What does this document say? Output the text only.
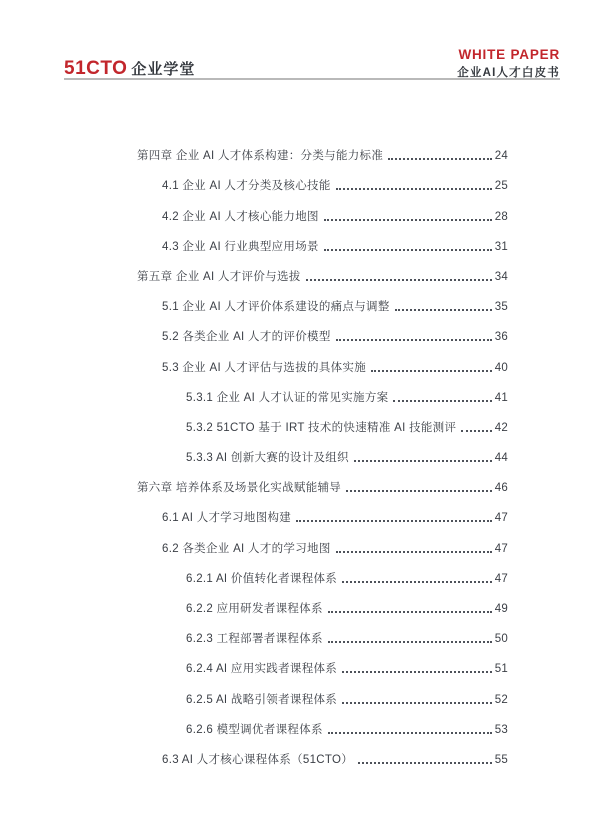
51CTO 企业学堂
WHITE PAPER
企业AI人才白皮书
第四章 企业 AI 人才体系构建：分类与能力标准	24
4.1 企业 AI 人才分类及核心技能	25
4.2 企业 AI 人才核心能力地图	28
4.3 企业 AI 行业典型应用场景	31
第五章 企业 AI 人才评价与选拔	34
5.1 企业 AI 人才评价体系建设的痛点与调整	35
5.2 各类企业 AI 人才的评价模型	36
5.3 企业 AI 人才评估与选拔的具体实施	40
5.3.1 企业 AI 人才认证的常见实施方案	41
5.3.2 51CTO 基于 IRT 技术的快速精准 AI 技能测评	42
5.3.3 AI 创新大赛的设计及组织	44
第六章 培养体系及场景化实战赋能辅导	46
6.1 AI 人才学习地图构建	47
6.2 各类企业 AI 人才的学习地图	47
6.2.1 AI 价值转化者课程体系	47
6.2.2 应用研发者课程体系	49
6.2.3 工程部署者课程体系	50
6.2.4 AI 应用实践者课程体系	51
6.2.5 AI 战略引领者课程体系	52
6.2.6 模型调优者课程体系	53
6.3 AI 人才核心课程体系（51CTO）	55
